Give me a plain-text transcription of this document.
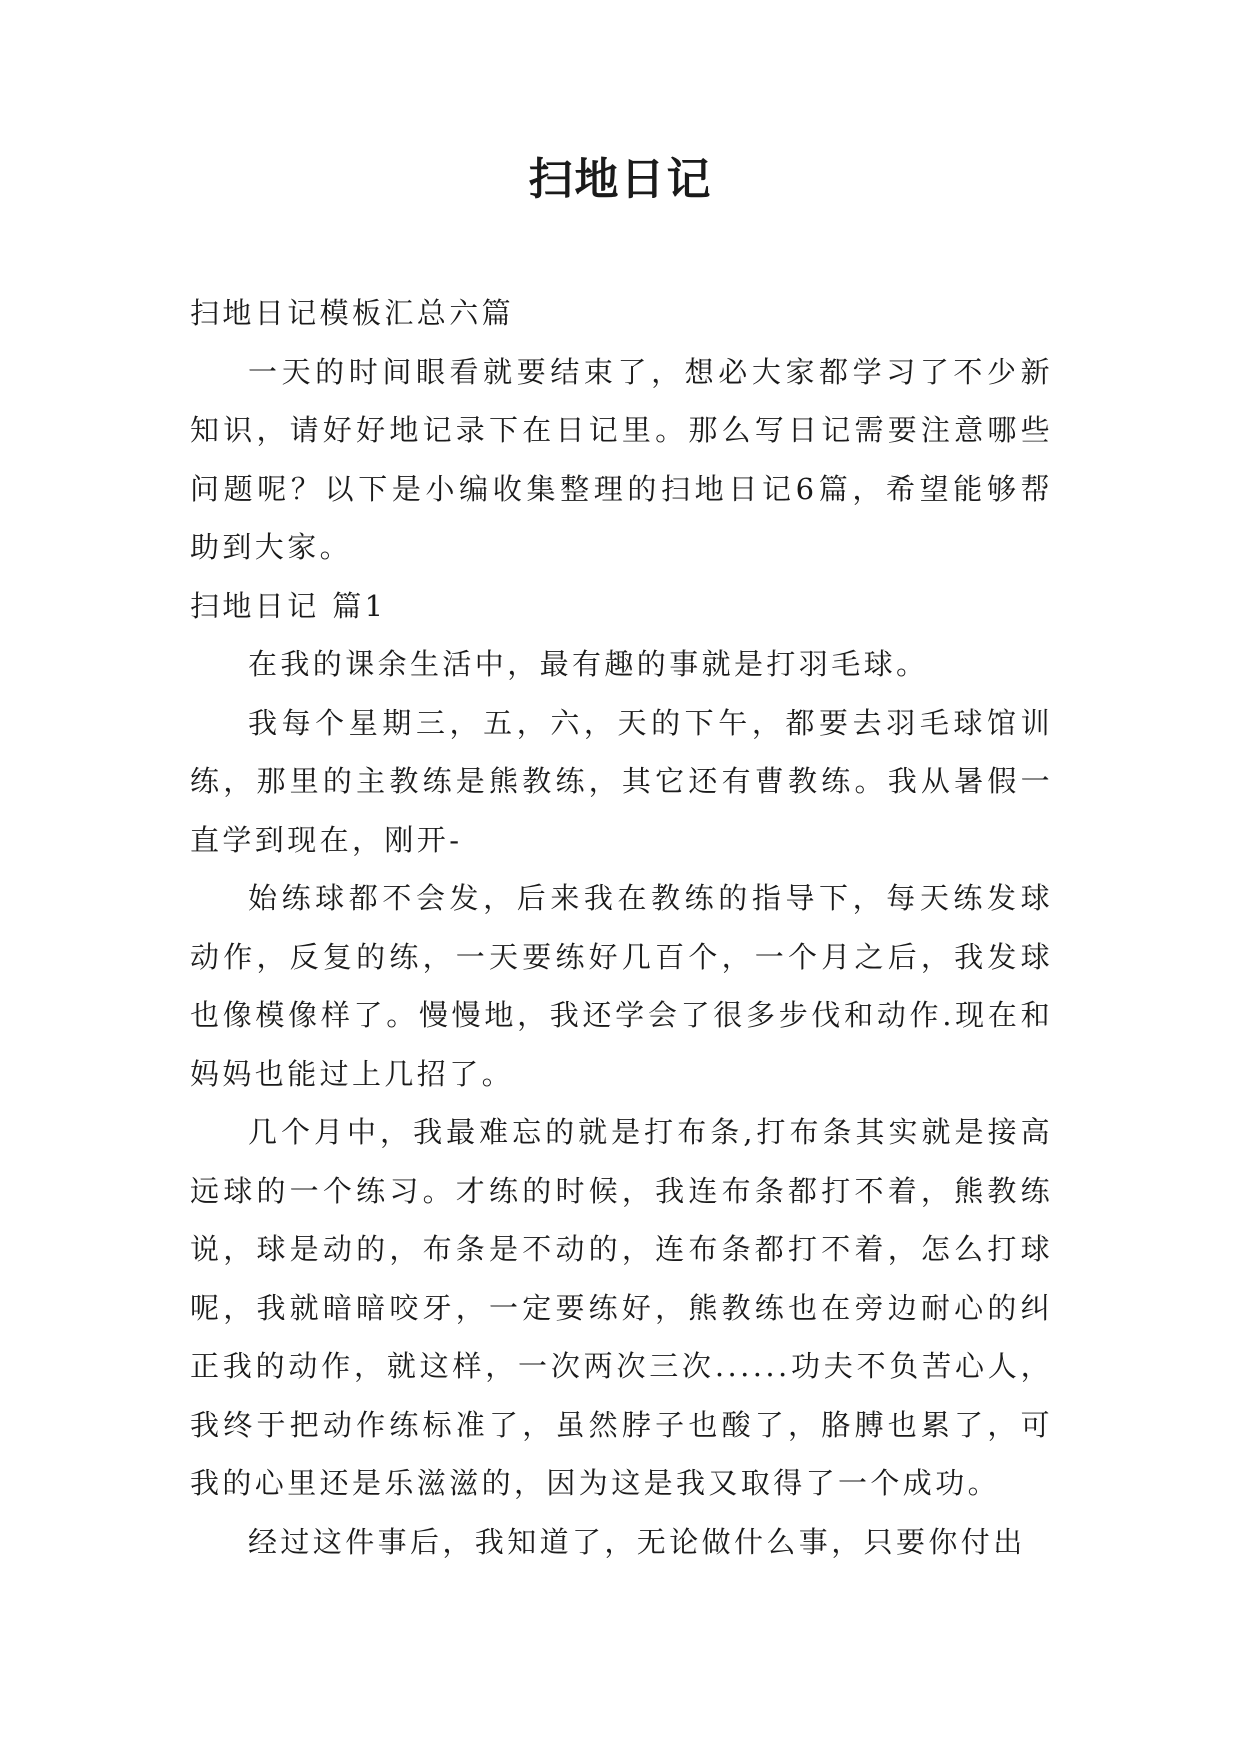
扫地日记

扫地日记模板汇总六篇

一天的时间眼看就要结束了，想必大家都学习了不少新知识，请好好地记录下在日记里。那么写日记需要注意哪些问题呢？以下是小编收集整理的扫地日记6篇，希望能够帮助到大家。

扫地日记 篇1

在我的课余生活中，最有趣的事就是打羽毛球。

我每个星期三，五，六，天的下午，都要去羽毛球馆训练，那里的主教练是熊教练，其它还有曹教练。我从暑假一直学到现在，刚开-

始练球都不会发，后来我在教练的指导下，每天练发球动作，反复的练，一天要练好几百个，一个月之后，我发球也像模像样了。慢慢地，我还学会了很多步伐和动作.现在和妈妈也能过上几招了。

几个月中，我最难忘的就是打布条,打布条其实就是接高远球的一个练习。才练的时候，我连布条都打不着，熊教练说，球是动的，布条是不动的，连布条都打不着，怎么打球呢，我就暗暗咬牙，一定要练好，熊教练也在旁边耐心的纠正我的动作，就这样，一次两次三次......功夫不负苦心人，我终于把动作练标准了，虽然脖子也酸了，胳膊也累了，可我的心里还是乐滋滋的，因为这是我又取得了一个成功。

经过这件事后，我知道了，无论做什么事，只要你付出
